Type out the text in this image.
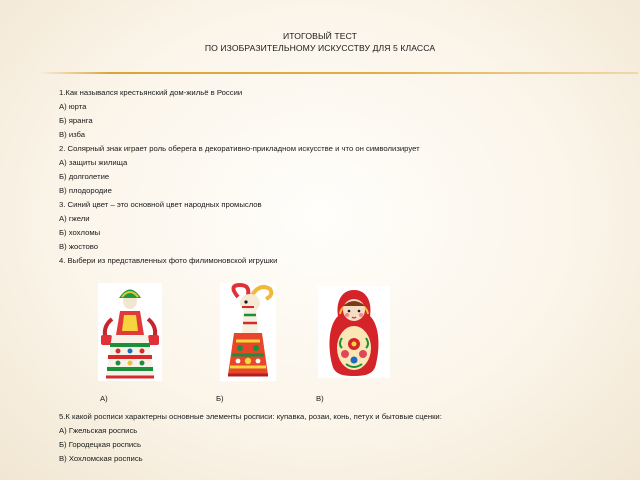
ИТОГОВЫЙ ТЕСТ
ПО ИЗОБРАЗИТЕЛЬНОМУ ИСКУССТВУ ДЛЯ 5 КЛАССА
1.Как назывался крестьянский дом-жильё в России
А) юрта
Б) яранга
В) изба
2. Солярный знак играет роль оберега в декоративно-прикладном искусстве и что он символизирует
А) защиты жилища
Б) долголетие
В) плодородие
3. Синий цвет – это основной цвет народных промыслов
А) гжели
Б) хохломы
В) жостово
4. Выбери из представленных фото филимоновской игрушки
А)	Б)	В)
5.К какой росписи характерны основные элементы росписи: купавка, розаи, конь, петух и бытовые сценки:
А) Гжельская роспись
Б) Городецкая роспись
В) Хохломская роспись
